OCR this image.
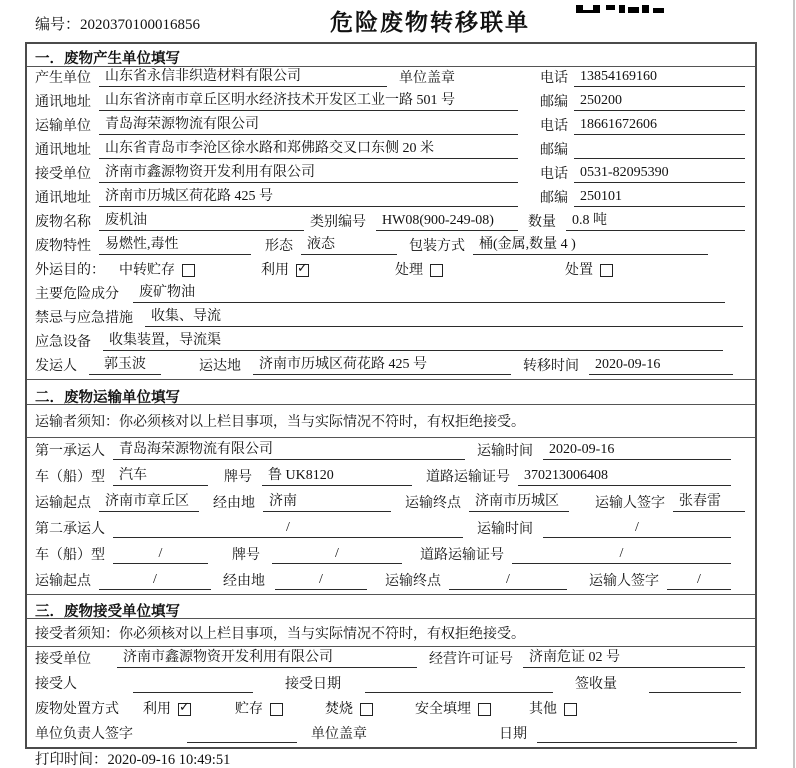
编号：2020370100016856	危险废物转移联单
一．废物产生单位填写
产生单位	山东省永信非织造材料有限公司	单位盖章	电话 13854169160
通讯地址	山东省济南市章丘区明水经济技术开发区工业一路 501 号	邮编 250200
运输单位	青岛海荣源物流有限公司	电话 18661672606
通讯地址	山东省青岛市李沧区徐水路和郑佛路交叉口东侧 20 米	邮编
接受单位	济南市鑫源物资开发利用有限公司	电话 0531-82095390
通讯地址	济南市历城区荷花路 425 号	邮编 250101
废物名称	废机油	类别编号	HW08(900-249-08)	数量	0.8 吨
废物特性	易燃性,毒性	形态	液态	包装方式	桶(金属,数量 4 )
外运目的： 中转贮存	利用 ✓	处理	处置
主要危险成分	废矿物油
禁忌与应急措施	收集、导流
应急设备	收集装置，导流渠
发运人	郭玉波	运达地	济南市历城区荷花路 425 号	转移时间	2020-09-16
二．废物运输单位填写
运输者须知：你必须核对以上栏目事项，当与实际情况不符时，有权拒绝接受。
第一承运人	青岛海荣源物流有限公司	运输时间	2020-09-16
车（船）型	汽车	牌号	鲁 UK8120	道路运输证号	370213006408
运输起点	济南市章丘区	经由地	济南	运输终点	济南市历城区	运输人签字	张春雷
第二承运人	/	运输时间	/
车（船）型	/	牌号	/	道路运输证号	/
运输起点	/	经由地	/	运输终点	/	运输人签字	/
三．废物接受单位填写
接受者须知：你必须核对以上栏目事项，当与实际情况不符时，有权拒绝接受。
接受单位	济南市鑫源物资开发利用有限公司	经营许可证号	济南危证 02 号
接受人	接受日期	签收量
废物处置方式 利用 ✓	贮存	焚烧	安全填埋	其他
单位负责人签字	单位盖章	日期
打印时间：2020-09-16 10:49:51
